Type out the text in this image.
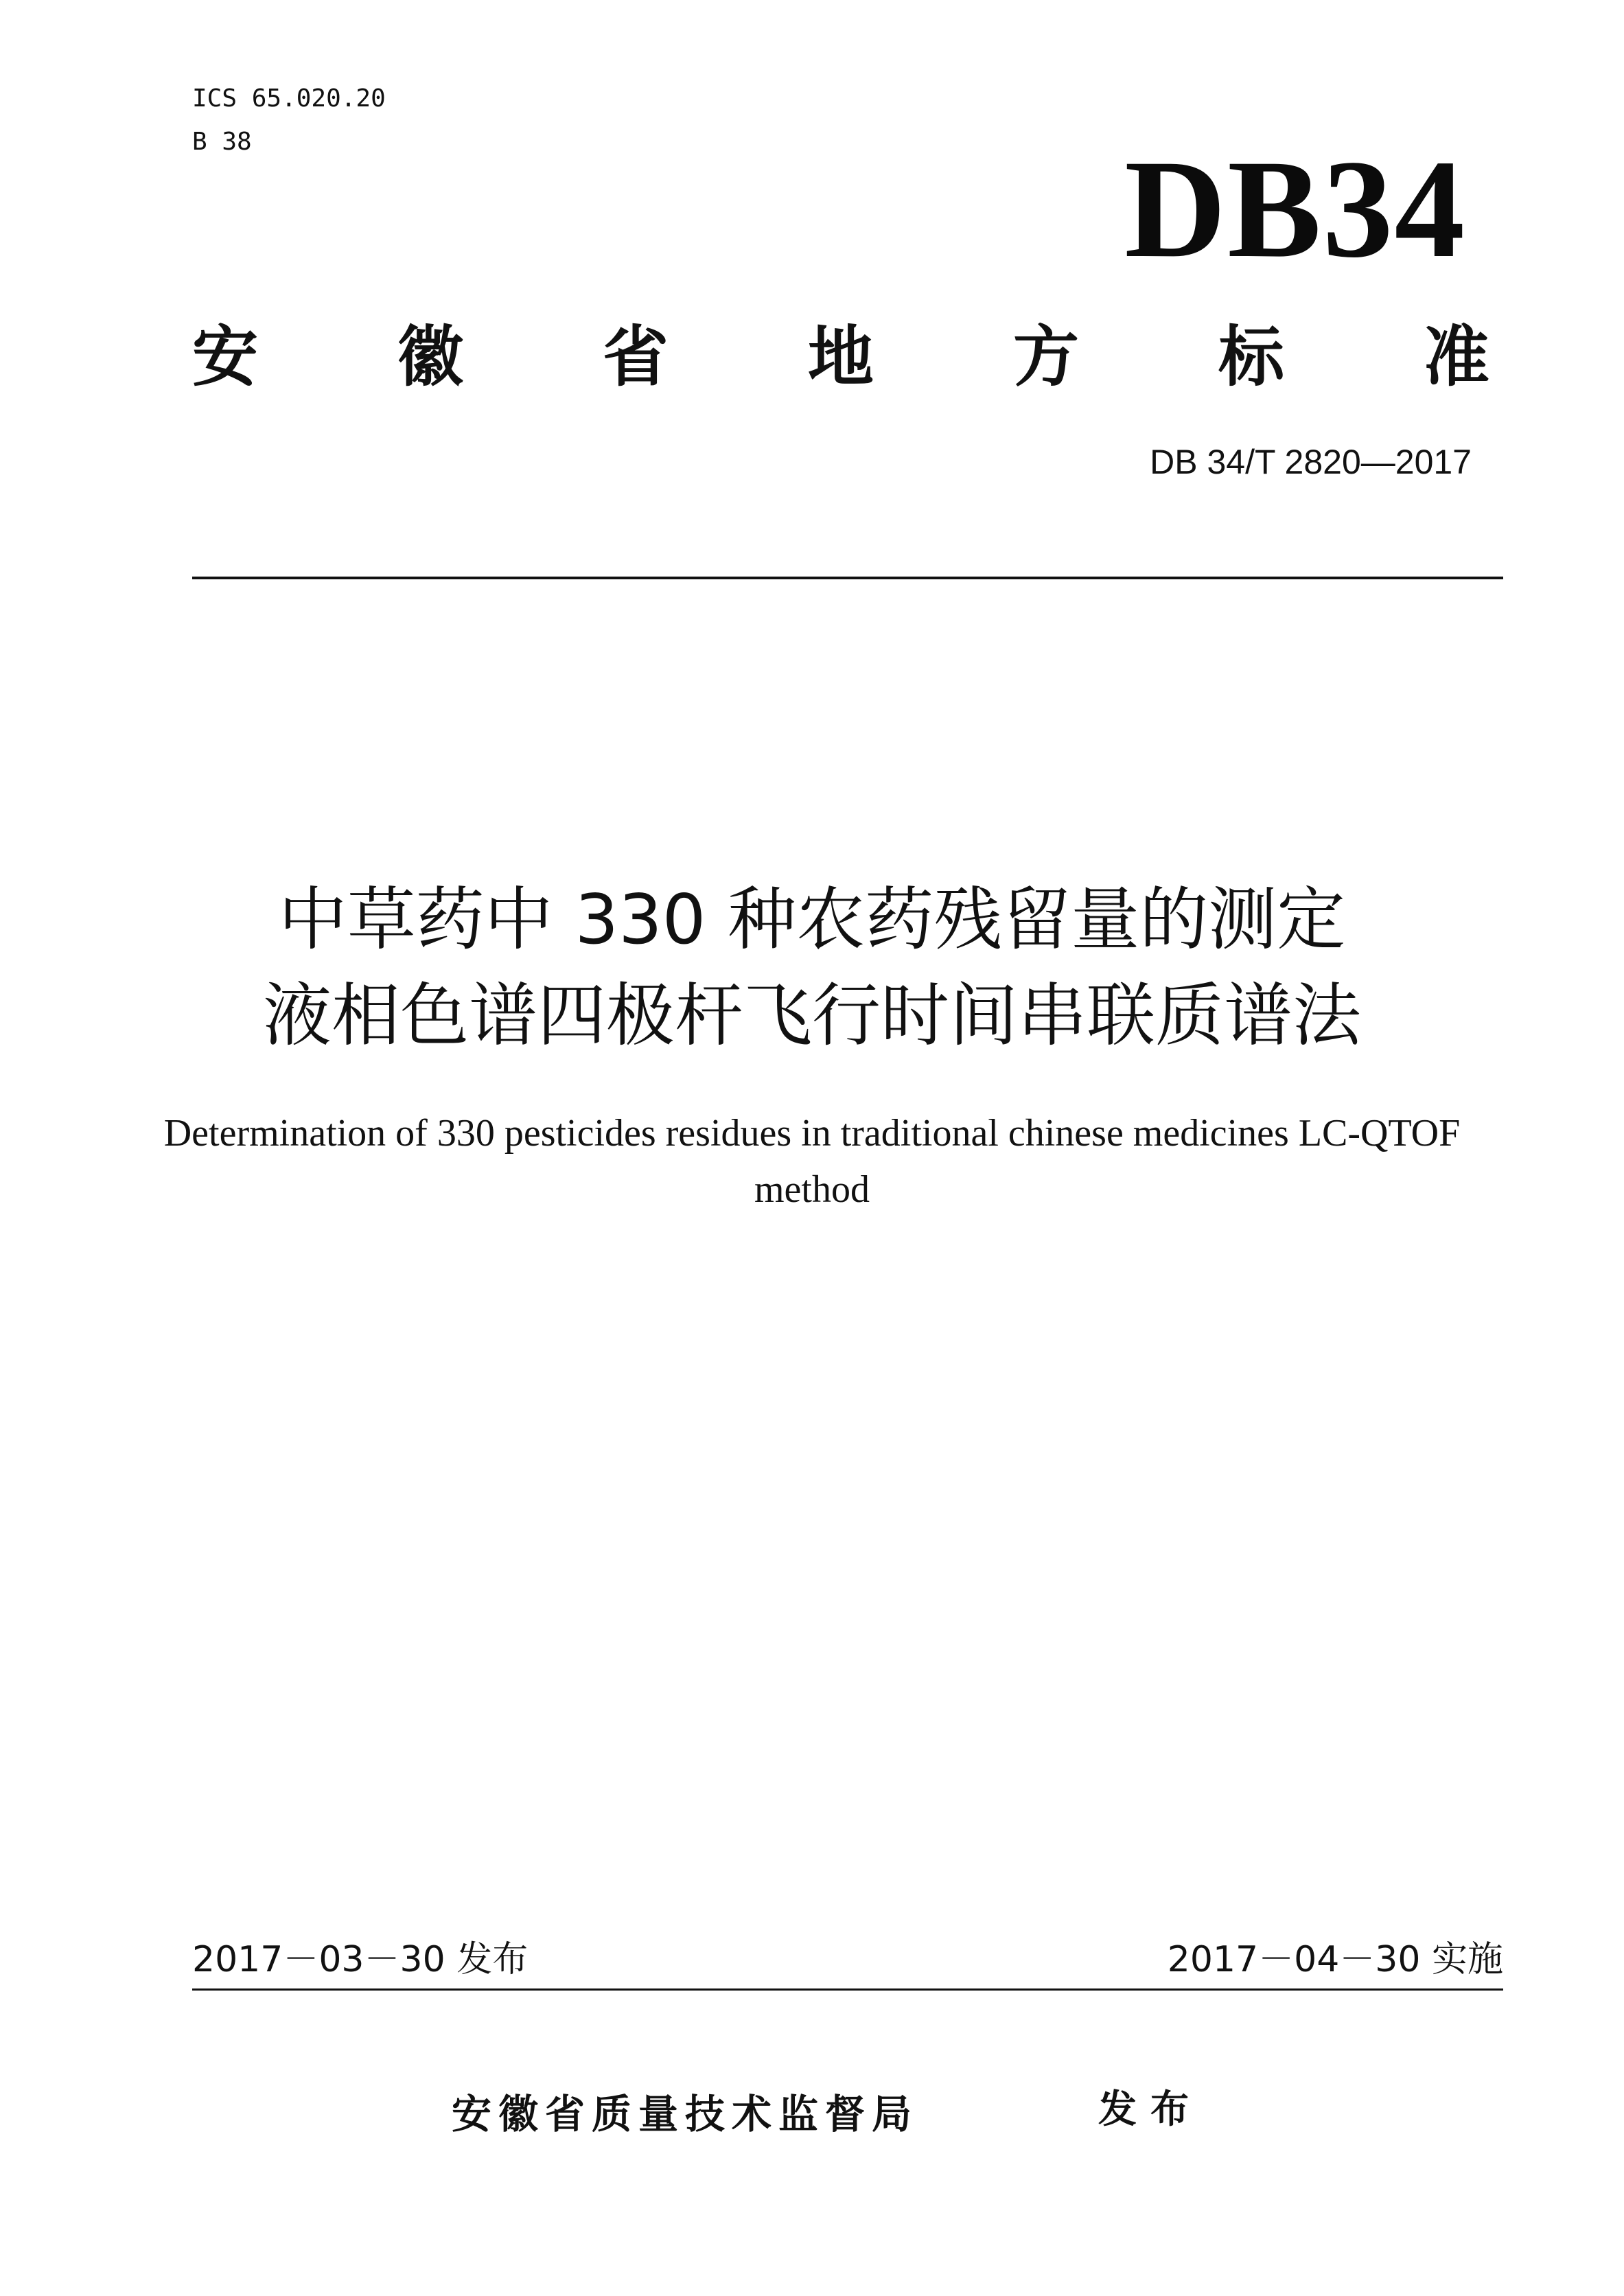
ICS 65.020.20
B 38	DB34
安 徽 省 地 方 标 准
DB 34/T 2820—2017
中草药中 330 种农药残留量的测定
液相色谱四极杆飞行时间串联质谱法
Determination of 330 pesticides residues in traditional chinese medicines LC-QTOF method
2017－03－30 发布	2017－04－30 实施
安徽省质量技术监督局	发布
